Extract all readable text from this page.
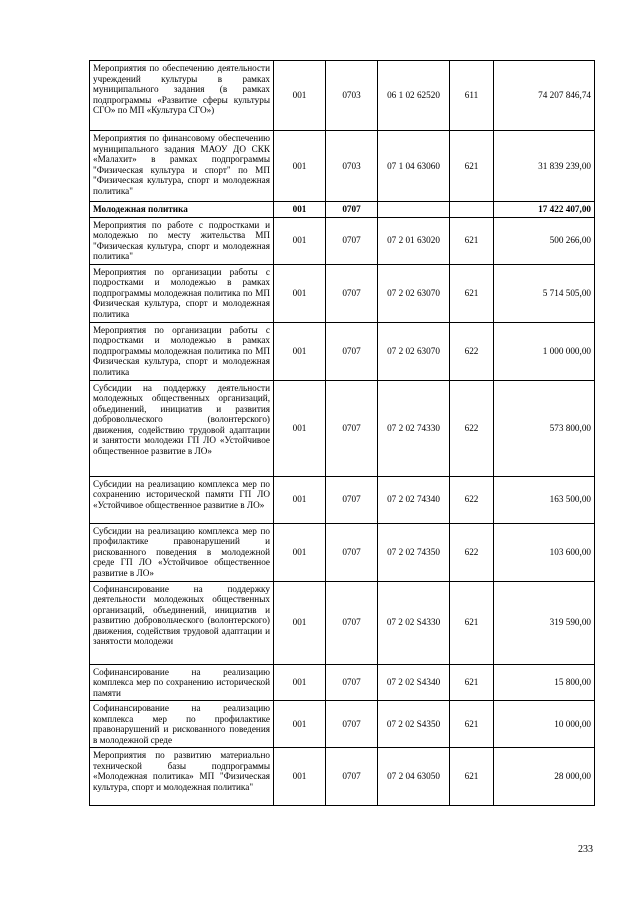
Мероприятия по обеспечению деятельности учреждений культуры в рамках муниципального задания (в рамках подпрограммы «Развитие сферы культуры СГО» по МП «Культура СГО»)	001	0703	06 1 02 62520	611	74 207 846,74
Мероприятия по финансовому обеспечению муниципального задания МАОУ ДО СКК «Малахит» в рамках подпрограммы "Физическая культура и спорт" по МП "Физическая культура, спорт и молодежная политика"	001	0703	07 1 04 63060	621	31 839 239,00
Молодежная политика	001	0707			17 422 407,00
Мероприятия по работе с подростками и молодежью по месту жительства МП "Физическая культура, спорт и молодежная политика"	001	0707	07 2 01 63020	621	500 266,00
Мероприятия по организации работы с подростками и молодежью в рамках подпрограммы молодежная политика по МП Физическая культура, спорт и молодежная политика	001	0707	07 2 02 63070	621	5 714 505,00
Мероприятия по организации работы с подростками и молодежью в рамках подпрограммы молодежная политика по МП Физическая культура, спорт и молодежная политика	001	0707	07 2 02 63070	622	1 000 000,00
Субсидии на поддержку деятельности молодежных общественных организаций, объединений, инициатив и развития добровольческого (волонтерского) движения, содействию трудовой адаптации и занятости молодежи ГП ЛО «Устойчивое общественное развитие в ЛО»	001	0707	07 2 02 74330	622	573 800,00
Субсидии на реализацию комплекса мер по сохранению исторической памяти ГП ЛО «Устойчивое общественное развитие в ЛО»	001	0707	07 2 02 74340	622	163 500,00
Субсидии на реализацию комплекса мер по профилактике правонарушений и рискованного поведения в молодежной среде ГП ЛО «Устойчивое общественное развитие в ЛО»	001	0707	07 2 02 74350	622	103 600,00
Софинансирование на поддержку деятельности молодежных общественных организаций, объединений, инициатив и развитию добровольческого (волонтерского) движения, содействия трудовой адаптации и занятости молодежи	001	0707	07 2 02 S4330	621	319 590,00
Софинансирование на реализацию комплекса мер по сохранению исторической памяти	001	0707	07 2 02 S4340	621	15 800,00
Софинансирование на реализацию комплекса мер по профилактике правонарушений и рискованного поведения в молодежной среде	001	0707	07 2 02 S4350	621	10 000,00
Мероприятия по развитию материально технической базы подпрограммы «Молодежная политика» МП "Физическая культура, спорт и молодежная политика"	001	0707	07 2 04 63050	621	28 000,00
233
